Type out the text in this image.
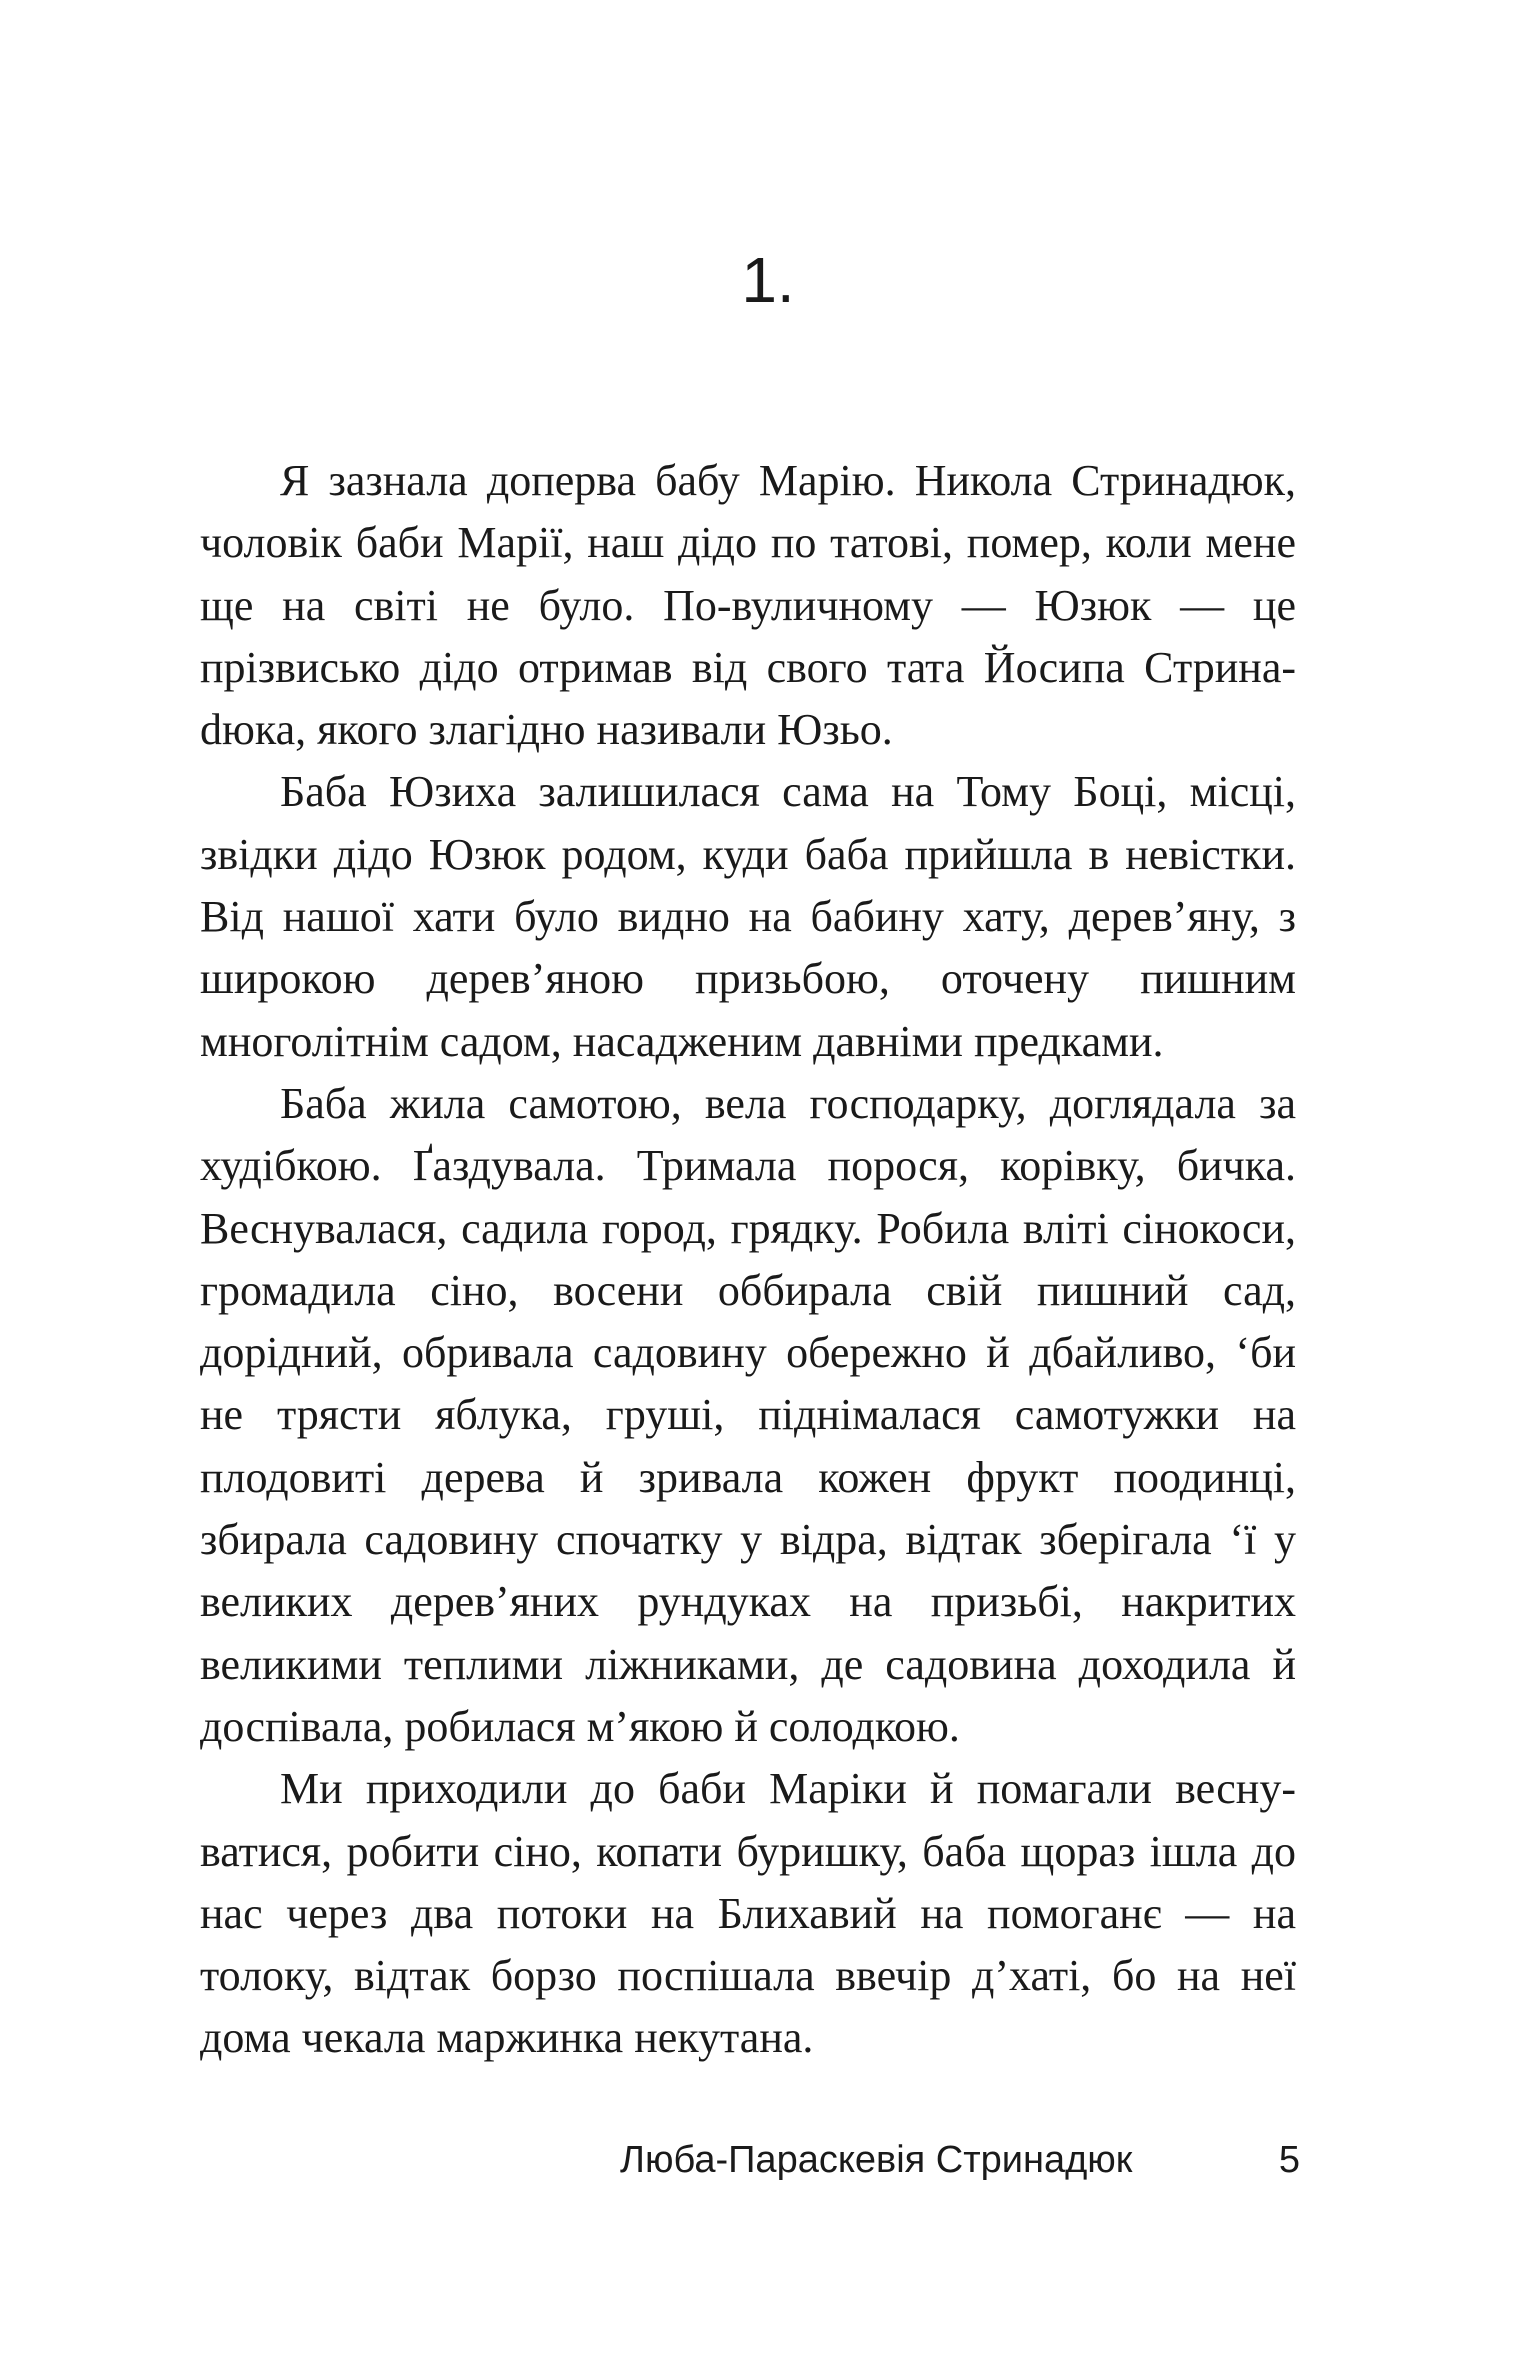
1.

Я зазнала доперва бабу Марію. Никола Стринадюк, чоловік баби Марії, наш дідо по татові, помер, коли мене ще на світі не було. По-вуличному — Юзюк — це прізвисько дідо отримав від свого тата Йосипа Стринаdюка, якого злагідно називали Юзьо.

Баба Юзиха залишилася сама на Тому Боці, місці, звідки дідо Юзюк родом, куди баба прийшла в невістки. Від нашої хати було видно на бабину хату, дерев’яну, з широкою дерев’яною призьбою, оточену пишним многолітнім садом, насадженим давніми предками.

Баба жила самотою, вела господарку, доглядала за худібкою. Ґаздувала. Тримала порося, корівку, бичка. Веснувалася, садила город, грядку. Робила вліті сінокоси, громадила сіно, восени оббирала свій пишний сад, дорідний, обривала садовину обережно й дбайливо, ‘би не трясти яблука, груші, піднімалася самотужки на плодовиті дерева й зривала кожен фрукт поодинці, збирала садовину спочатку у відра, відтак зберігала ‘ї у великих дерев’яних рундуках на призьбі, накритих великими теплими ліжниками, де садовина доходила й доспівала, робилася м’якою й солодкою.

Ми приходили до баби Маріки й помагали веснуватися, робити сіно, копати буришку, баба щораз ішла до нас через два потоки на Блихавий на помоганє — на толоку, відтак борзо поспішала ввечір д’хаті, бо на неї дома чекала маржинка некутана.

Люба-Параскевія Стринадюк	5
